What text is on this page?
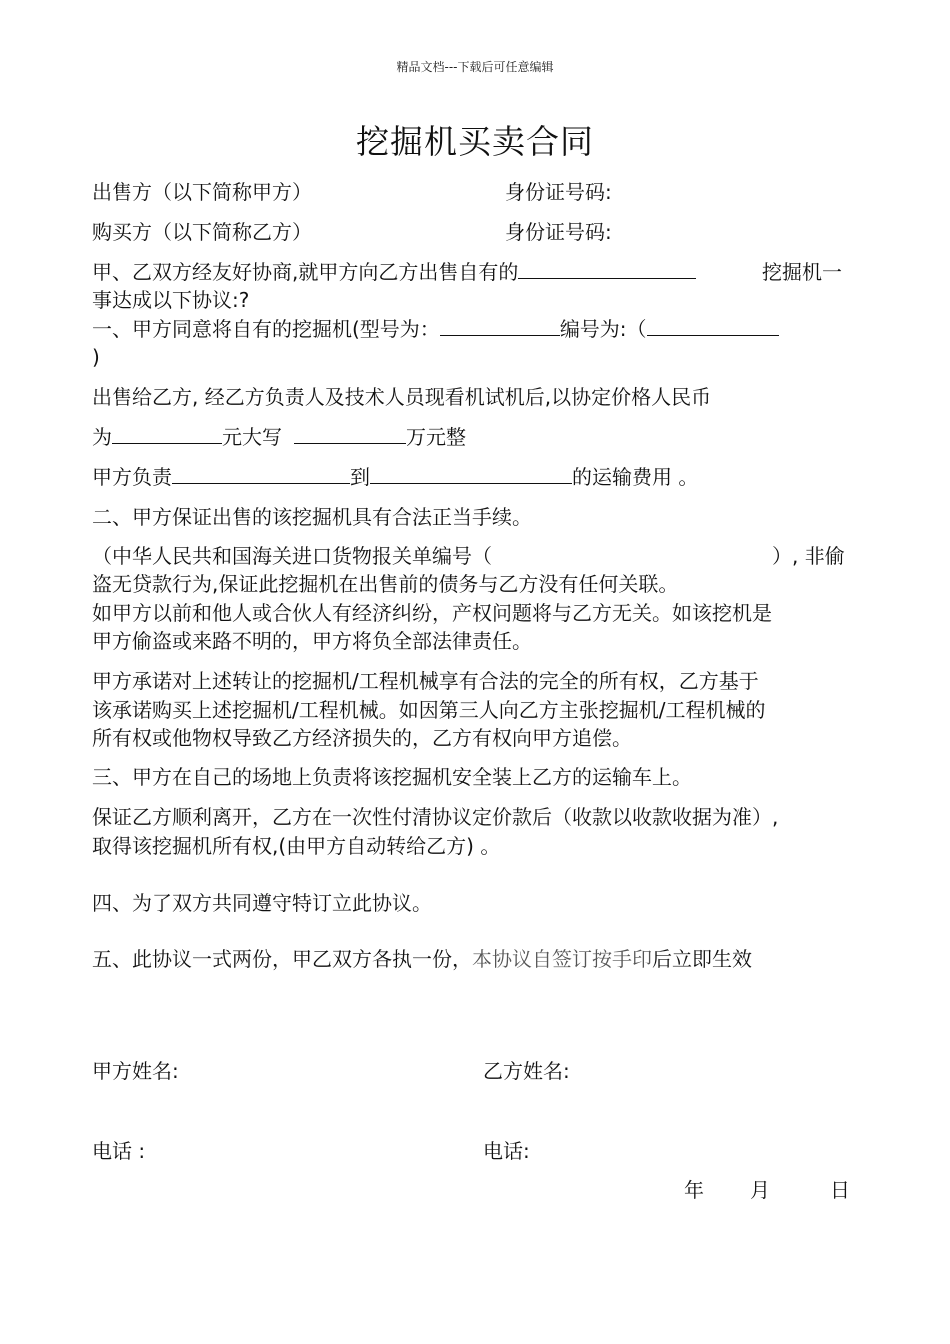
精品文档---下载后可任意编辑
挖掘机买卖合同
出售方（以下简称甲方）	身份证号码:
购买方（以下简称乙方）	身份证号码:
甲、乙双方经友好协商,就甲方向乙方出售自有的	挖掘机一
事达成以下协议:?
一、甲方同意将自有的挖掘机(型号为：	编号为:（
)
出售给乙方, 经乙方负责人及技术人员现看机试机后,以协定价格人民币
为	元大写	万元整
甲方负责	到	的运输费用 。
二、甲方保证出售的该挖掘机具有合法正当手续。
（中华人民共和国海关进口货物报关单编号（	）, 非偷
盗无贷款行为,保证此挖掘机在出售前的债务与乙方没有任何关联。
如甲方以前和他人或合伙人有经济纠纷，产权问题将与乙方无关。如该挖机是
甲方偷盗或来路不明的，甲方将负全部法律责任。
甲方承诺对上述转让的挖掘机/工程机械享有合法的完全的所有权，乙方基于
该承诺购买上述挖掘机/工程机械。如因第三人向乙方主张挖掘机/工程机械的
所有权或他物权导致乙方经济损失的，乙方有权向甲方追偿。
三、甲方在自己的场地上负责将该挖掘机安全装上乙方的运输车上。
保证乙方顺利离开，乙方在一次性付清协议定价款后（收款以收款收据为准）,
取得该挖掘机所有权,(由甲方自动转给乙方) 。
四、为了双方共同遵守特订立此协议。
五、此协议一式两份，甲乙双方各执一份，本协议自签订按手印后立即生效
甲方姓名:	乙方姓名:
电话 :	电话:
年 月	日
